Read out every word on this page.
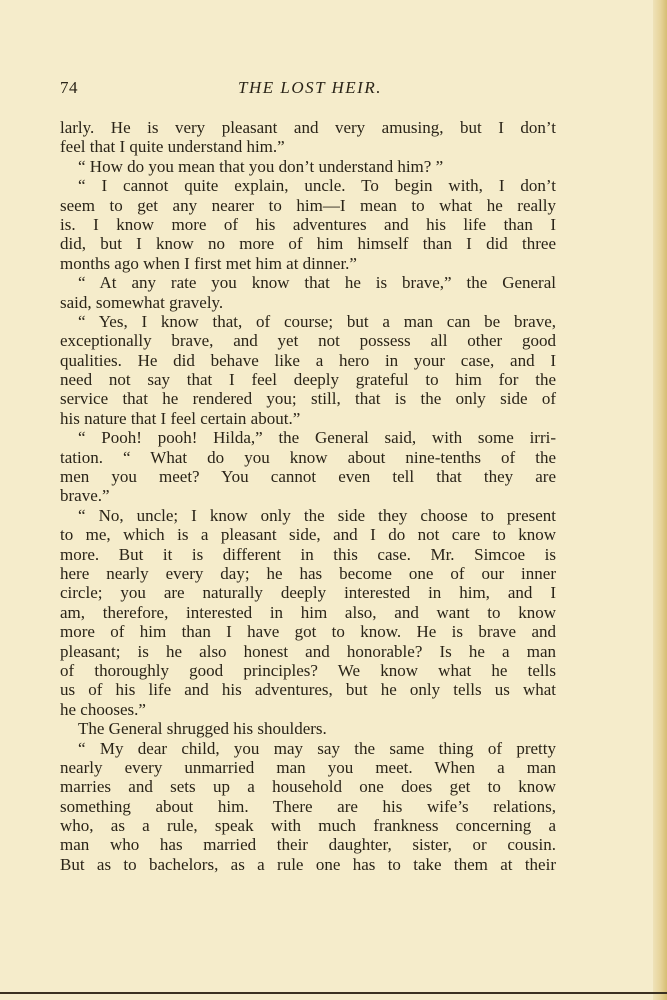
74	THE LOST HEIR.
larly. He is very pleasant and very amusing, but I don’t
feel that I quite understand him.”
“ How do you mean that you don’t understand him? ”
“ I cannot quite explain, uncle. To begin with, I don’t
seem to get any nearer to him—I mean to what he really
is. I know more of his adventures and his life than I
did, but I know no more of him himself than I did three
months ago when I first met him at dinner.”
“ At any rate you know that he is brave,” the General
said, somewhat gravely.
“ Yes, I know that, of course; but a man can be brave,
exceptionally brave, and yet not possess all other good
qualities. He did behave like a hero in your case, and I
need not say that I feel deeply grateful to him for the
service that he rendered you; still, that is the only side of
his nature that I feel certain about.”
“ Pooh! pooh! Hilda,” the General said, with some irri-
tation. “ What do you know about nine-tenths of the
men you meet? You cannot even tell that they are
brave.”
“ No, uncle; I know only the side they choose to present
to me, which is a pleasant side, and I do not care to know
more. But it is different in this case. Mr. Simcoe is
here nearly every day; he has become one of our inner
circle; you are naturally deeply interested in him, and I
am, therefore, interested in him also, and want to know
more of him than I have got to know. He is brave and
pleasant; is he also honest and honorable? Is he a man
of thoroughly good principles? We know what he tells
us of his life and his adventures, but he only tells us what
he chooses.”
The General shrugged his shoulders.
“ My dear child, you may say the same thing of pretty
nearly every unmarried man you meet. When a man
marries and sets up a household one does get to know
something about him. There are his wife’s relations,
who, as a rule, speak with much frankness concerning a
man who has married their daughter, sister, or cousin.
But as to bachelors, as a rule one has to take them at their
